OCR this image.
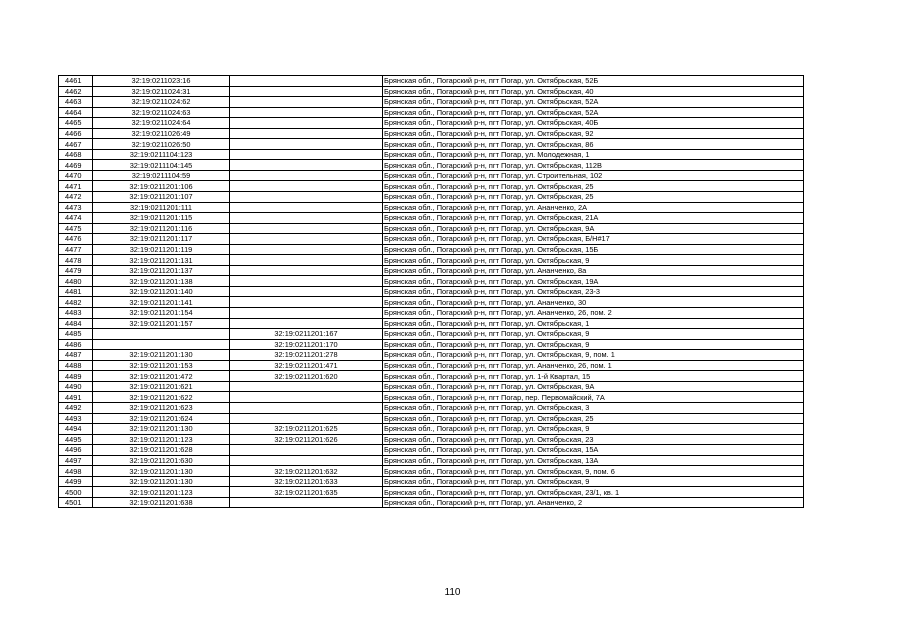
4461	32:19:0211023:16		Брянская обл., Погарский р-н, пгт Погар, ул. Октябрьская, 52Б
4462	32:19:0211024:31		Брянская обл., Погарский р-н, пгт Погар, ул. Октябрьская, 40
4463	32:19:0211024:62		Брянская обл., Погарский р-н, пгт Погар, ул. Октябрьская, 52А
4464	32:19:0211024:63		Брянская обл., Погарский р-н, пгт Погар, ул. Октябрьская, 52А
4465	32:19:0211024:64		Брянская обл., Погарский р-н, пгт Погар, ул. Октябрьская, 40Б
4466	32:19:0211026:49		Брянская обл., Погарский р-н, пгт Погар, ул. Октябрьская, 92
4467	32:19:0211026:50		Брянская обл., Погарский р-н, пгт Погар, ул. Октябрьская, 86
4468	32:19:0211104:123		Брянская обл., Погарский р-н, пгт Погар, ул. Молодежная, 1
4469	32:19:0211104:145		Брянская обл., Погарский р-н, пгт Погар, ул. Октябрьская, 112В
4470	32:19:0211104:59		Брянская обл., Погарский р-н, пгт Погар, ул. Строительная, 102
4471	32:19:0211201:106		Брянская обл., Погарский р-н, пгт Погар, ул. Октябрьская, 25
4472	32:19:0211201:107		Брянская обл., Погарский р-н, пгт Погар, ул. Октябрьская, 25
4473	32:19:0211201:111		Брянская обл., Погарский р-н, пгт Погар, ул. Ананченко, 2А
4474	32:19:0211201:115		Брянская обл., Погарский р-н, пгт Погар, ул. Октябрьская, 21А
4475	32:19:0211201:116		Брянская обл., Погарский р-н, пгт Погар, ул. Октябрьская, 9А
4476	32:19:0211201:117		Брянская обл., Погарский р-н, пгт Погар, ул. Октябрьская, Б/Н#17
4477	32:19:0211201:119		Брянская обл., Погарский р-н, пгт Погар, ул. Октябрьская, 15Б
4478	32:19:0211201:131		Брянская обл., Погарский р-н, пгт Погар, ул. Октябрьская, 9
4479	32:19:0211201:137		Брянская обл., Погарский р-н, пгт Погар, ул. Ананченко, 8а
4480	32:19:0211201:138		Брянская обл., Погарский р-н, пгт Погар, ул. Октябрьская, 19А
4481	32:19:0211201:140		Брянская обл., Погарский р-н, пгт Погар, ул. Октябрьская, 23-3
4482	32:19:0211201:141		Брянская обл., Погарский р-н, пгт Погар, ул. Ананченко, 30
4483	32:19:0211201:154		Брянская обл., Погарский р-н, пгт Погар, ул. Ананченко, 26, пом. 2
4484	32:19:0211201:157		Брянская обл., Погарский р-н, пгт Погар, ул. Октябрьская, 1
4485		32:19:0211201:167	Брянская обл., Погарский р-н, пгт Погар, ул. Октябрьская, 9
4486		32:19:0211201:170	Брянская обл., Погарский р-н, пгт Погар, ул. Октябрьская, 9
4487	32:19:0211201:130	32:19:0211201:278	Брянская обл., Погарский р-н, пгт Погар, ул. Октябрьская, 9, пом. 1
4488	32:19:0211201:153	32:19:0211201:471	Брянская обл., Погарский р-н, пгт Погар, ул. Ананченко, 26, пом. 1
4489	32:19:0211201:472	32:19:0211201:620	Брянская обл., Погарский р-н, пгт Погар, ул. 1-й Квартал, 15
4490	32:19:0211201:621		Брянская обл., Погарский р-н, пгт Погар, ул. Октябрьская, 9А
4491	32:19:0211201:622		Брянская обл., Погарский р-н, пгт Погар, пер. Первомайский, 7А
4492	32:19:0211201:623		Брянская обл., Погарский р-н, пгт Погар, ул. Октябрьская, 3
4493	32:19:0211201:624		Брянская обл., Погарский р-н, пгт Погар, ул. Октябрьская, 25
4494	32:19:0211201:130	32:19:0211201:625	Брянская обл., Погарский р-н, пгт Погар, ул. Октябрьская, 9
4495	32:19:0211201:123	32:19:0211201:626	Брянская обл., Погарский р-н, пгт Погар, ул. Октябрьская, 23
4496	32:19:0211201:628		Брянская обл., Погарский р-н, пгт Погар, ул. Октябрьская, 15А
4497	32:19:0211201:630		Брянская обл., Погарский р-н, пгт Погар, ул. Октябрьская, 13А
4498	32:19:0211201:130	32:19:0211201:632	Брянская обл., Погарский р-н, пгт Погар, ул. Октябрьская, 9, пом. 6
4499	32:19:0211201:130	32:19:0211201:633	Брянская обл., Погарский р-н, пгт Погар, ул. Октябрьская, 9
4500	32:19:0211201:123	32:19:0211201:635	Брянская обл., Погарский р-н, пгт Погар, ул. Октябрьская, 23/1, кв. 1
4501	32:19:0211201:638		Брянская обл., Погарский р-н, пгт Погар, ул. Ананченко, 2
110
